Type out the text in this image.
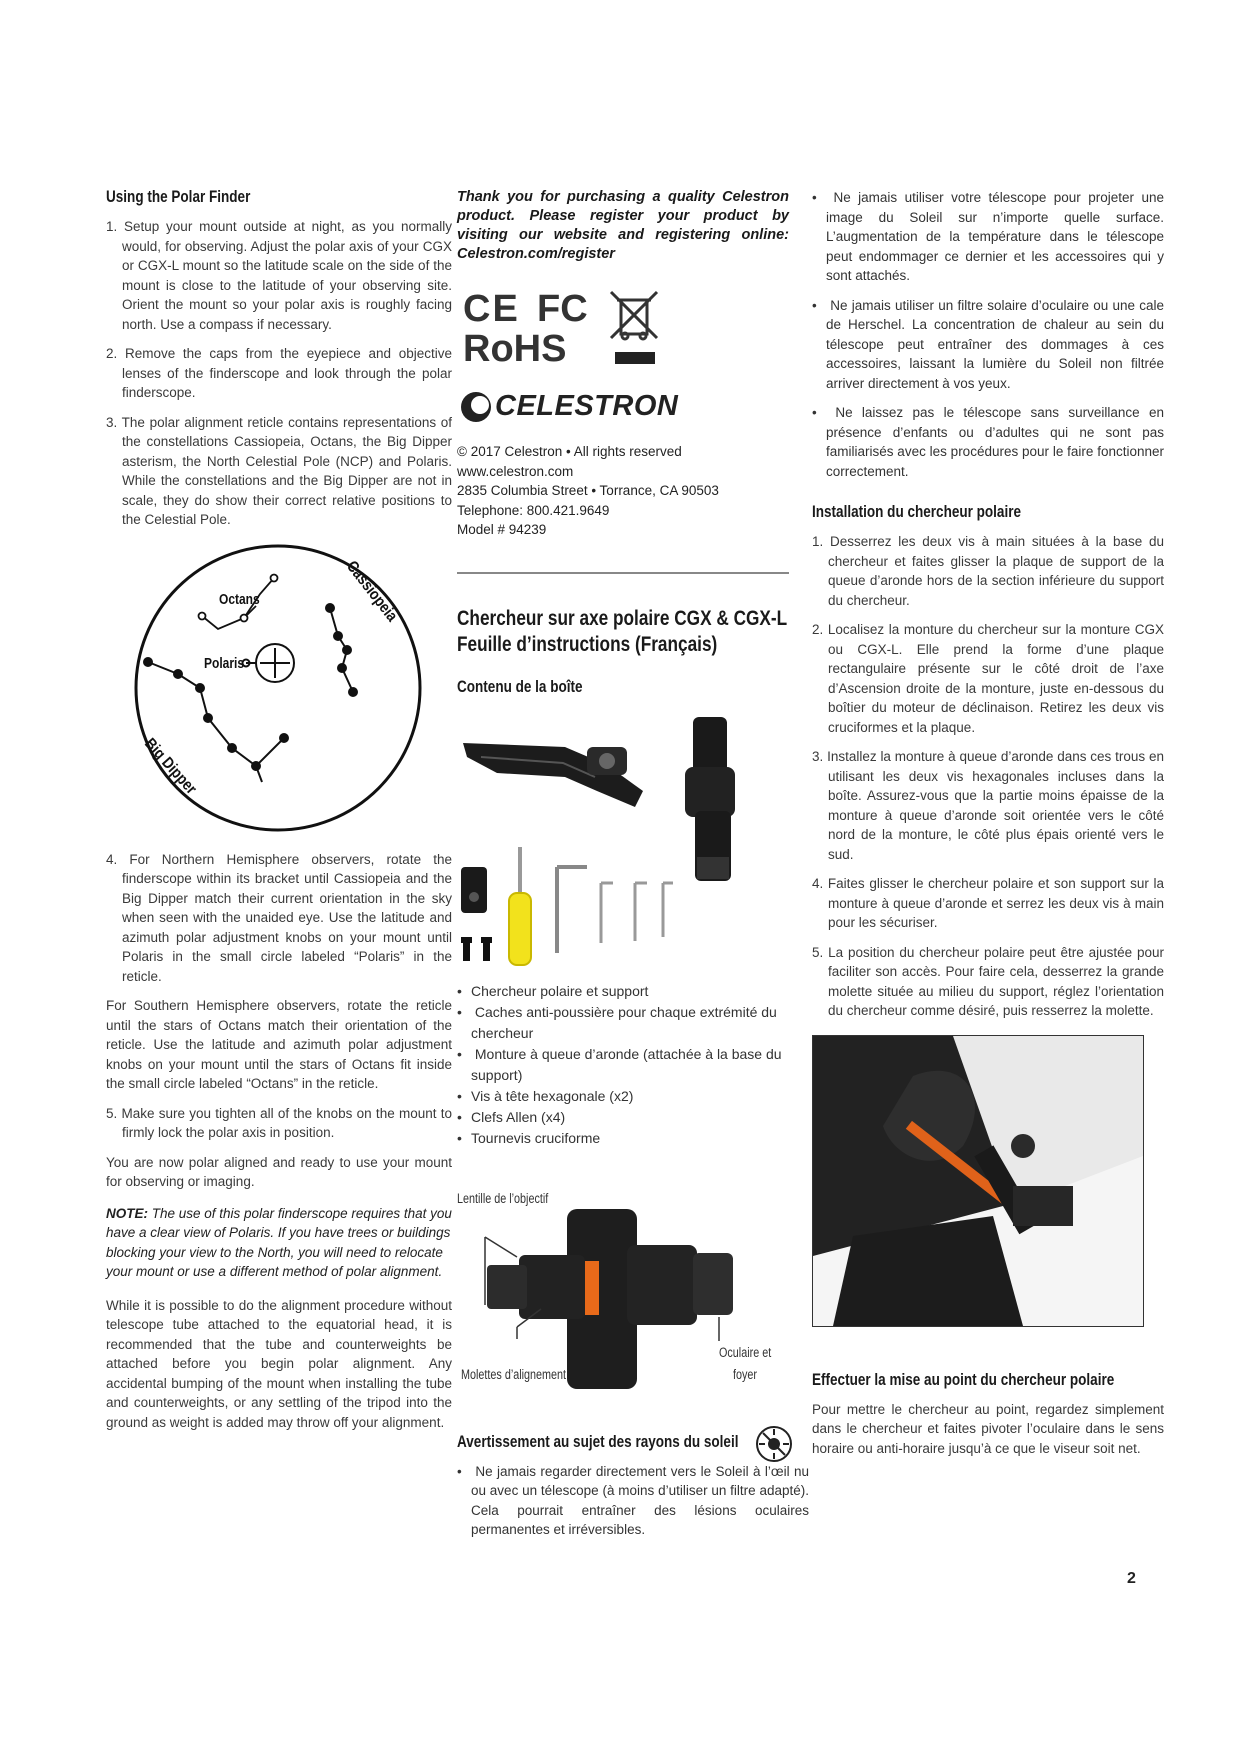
Using the Polar Finder
1. Setup your mount outside at night, as you normally would, for observing. Adjust the polar axis of your CGX or CGX-L mount so the latitude scale on the side of the mount is close to the latitude of your observing site. Orient the mount so your polar axis is roughly facing north. Use a compass if necessary.
2. Remove the caps from the eyepiece and objective lenses of the finderscope and look through the polar finderscope.
3. The polar alignment reticle contains representations of the constellations Cassiopeia, Octans, the Big Dipper asterism, the North Celestial Pole (NCP) and Polaris. While the constellations and the Big Dipper are not in scale, they do show their correct relative positions to the Celestial Pole.
Octans
Polaris
Cassiopeia
Big Dipper
4. For Northern Hemisphere observers, rotate the finderscope within its bracket until Cassiopeia and the Big Dipper match their current orientation in the sky when seen with the unaided eye. Use the latitude and azimuth polar adjustment knobs on your mount until Polaris in the small circle labeled “Polaris” in the reticle.

For Southern Hemisphere observers, rotate the reticle until the stars of Octans match their orientation of the reticle. Use the latitude and azimuth polar adjustment knobs on your mount until the stars of Octans fit inside the small circle labeled “Octans” in the reticle.

5. Make sure you tighten all of the knobs on the mount to firmly lock the polar axis in position.

You are now polar aligned and ready to use your mount for observing or imaging.

NOTE: The use of this polar finderscope requires that you have a clear view of Polaris. If you have trees or buildings blocking your view to the North, you will need to relocate your mount or use a different method of polar alignment.

While it is possible to do the alignment procedure without telescope tube attached to the equatorial head, it is recommended that the tube and counterweights be attached before you begin polar alignment. Any accidental bumping of the mount when installing the tube and counterweights, or any settling of the tripod into the ground as weight is added may throw off your alignment.

Thank you for purchasing a quality Celestron product. Please register your product by visiting our website and registering online: Celestron.com/register

CE FC
RoHS
CELESTRON
© 2017 Celestron • All rights reserved
www.celestron.com
2835 Columbia Street • Torrance, CA 90503
Telephone: 800.421.9649
Model # 94239
Chercheur sur axe polaire CGX & CGX-L
Feuille d’instructions (Français)
Contenu de la boîte
• Chercheur polaire et support
• Caches anti-poussière pour chaque extrémité du chercheur
• Monture à queue d’aronde (attachée à la base du support)
• Vis à tête hexagonale (x2)
• Clefs Allen (x4)
• Tournevis cruciforme
Lentille de l’objectif
Molettes d’alignement
Oculaire et
foyer
Avertissement au sujet des rayons du soleil
• Ne jamais regarder directement vers le Soleil à l’œil nu ou avec un télescope (à moins d’utiliser un filtre adapté). Cela pourrait entraîner des lésions oculaires permanentes et irréversibles.
• Ne jamais utiliser votre télescope pour projeter une image du Soleil sur n’importe quelle surface. L’augmentation de la température dans le télescope peut endommager ce dernier et les accessoires qui y sont attachés.
• Ne jamais utiliser un filtre solaire d’oculaire ou une cale de Herschel. La concentration de chaleur au sein du télescope peut entraîner des dommages à ces accessoires, laissant la lumière du Soleil non filtrée arriver directement à vos yeux.
• Ne laissez pas le télescope sans surveillance en présence d’enfants ou d’adultes qui ne sont pas familiarisés avec les procédures pour le faire fonctionner correctement.
Installation du chercheur polaire
1. Desserrez les deux vis à main situées à la base du chercheur et faites glisser la plaque de support de la queue d’aronde hors de la section inférieure du support du chercheur.
2. Localisez la monture du chercheur sur la monture CGX ou CGX-L. Elle prend la forme d’une plaque rectangulaire présente sur le côté droit de l’axe d’Ascension droite de la monture, juste en-dessous du boîtier du moteur de déclinaison. Retirez les deux vis cruciformes et la plaque.
3. Installez la monture à queue d’aronde dans ces trous en utilisant les deux vis hexagonales incluses dans la boîte. Assurez-vous que la partie moins épaisse de la monture à queue d’aronde soit orientée vers le côté nord de la monture, le côté plus épais orienté vers le sud.
4. Faites glisser le chercheur polaire et son support sur la monture à queue d’aronde et serrez les deux vis à main pour les sécuriser.
5. La position du chercheur polaire peut être ajustée pour faciliter son accès. Pour faire cela, desserrez la grande molette située au milieu du support, réglez l’orientation du chercheur comme désiré, puis resserrez la molette.
Effectuer la mise au point du chercheur polaire

Pour mettre le chercheur au point, regardez simplement dans le chercheur et faites pivoter l’oculaire dans le sens horaire ou anti-horaire jusqu’à ce que le viseur soit net.

2
